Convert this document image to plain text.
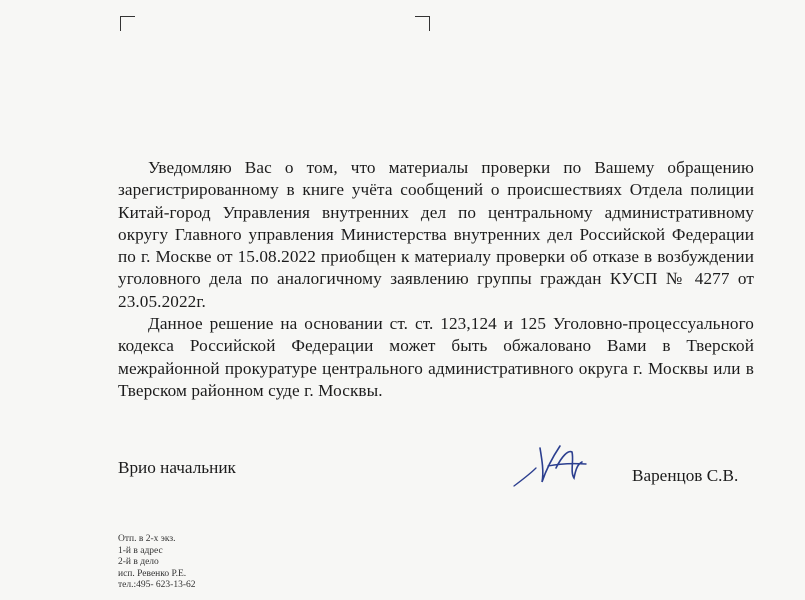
Уведомляю Вас о том, что материалы проверки по Вашему обращению зарегистрированному в книге учёта сообщений о происшествиях Отдела полиции Китай-город Управления внутренних дел по центральному административному округу Главного управления Министерства внутренних дел Российской Федерации по г. Москве от 15.08.2022 приобщен к материалу проверки об отказе в возбуждении уголовного дела по аналогичному заявлению группы граждан КУСП № 4277 от 23.05.2022г.

Данное решение на основании ст. ст. 123,124 и 125 Уголовно-процессуального кодекса Российской Федерации может быть обжаловано Вами в Тверской межрайонной прокуратуре центрального административного округа г. Москвы или в Тверском районном суде г. Москвы.

Врио начальник	Варенцов С.В.
Отп. в 2-х экз.
1-й в адрес
2-й в дело
исп. Ревенко Р.Е.
тел.:495- 623-13-62
